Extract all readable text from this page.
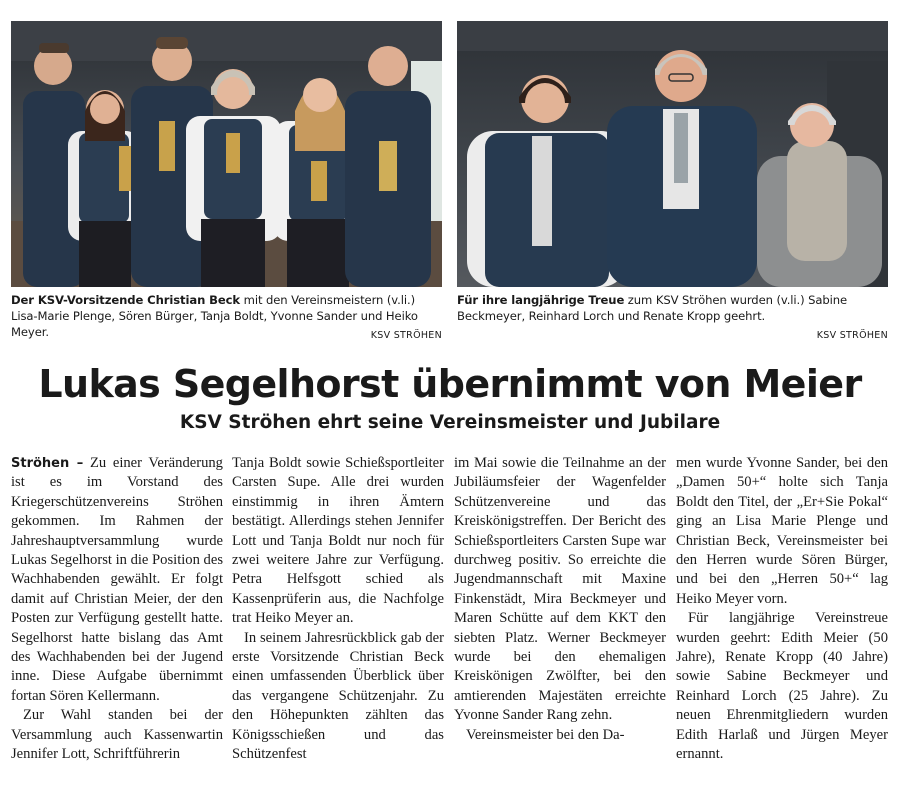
Der KSV-Vorsitzende Christian Beck mit den Vereinsmeistern (v.li.) Lisa-Marie Plenge, Sören Bürger, Tanja Boldt, Yvonne Sander und Heiko Meyer.	KSV STRÖHEN
Für ihre langjährige Treue zum KSV Ströhen wurden (v.li.) Sabine Beckmeyer, Reinhard Lorch und Renate Kropp geehrt.
KSV STRÖHEN
Lukas Segelhorst übernimmt von Meier
KSV Ströhen ehrt seine Vereinsmeister und Jubilare

Ströhen – Zu einer Veränderung ist es im Vorstand des Kriegerschützenvereins Ströhen gekommen. Im Rahmen der Jahreshauptversammlung wurde Lukas Segelhorst in die Position des Wachhabenden gewählt. Er folgt damit auf Christian Meier, der den Posten zur Verfügung gestellt hatte. Segelhorst hatte bislang das Amt des Wachhabenden bei der Jugend inne. Diese Aufgabe übernimmt fortan Sören Kellermann.

Zur Wahl standen bei der Versammlung auch Kassenwartin Jennifer Lott, Schriftführerin

Tanja Boldt sowie Schießsportleiter Carsten Supe. Alle drei wurden einstimmig in ihren Ämtern bestätigt. Allerdings stehen Jennifer Lott und Tanja Boldt nur noch für zwei weitere Jahre zur Verfügung. Petra Helfsgott schied als Kassenprüferin aus, die Nachfolge trat Heiko Meyer an.

In seinem Jahresrückblick gab der erste Vorsitzende Christian Beck einen umfassenden Überblick über das vergangene Schützenjahr. Zu den Höhepunkten zählten das Königsschießen und das Schützenfest

im Mai sowie die Teilnahme an der Jubiläumsfeier der Wagenfelder Schützenvereine und das Kreiskönigstreffen. Der Bericht des Schießsportleiters Carsten Supe war durchweg positiv. So erreichte die Jugendmannschaft mit Maxine Finkenstädt, Mira Beckmeyer und Maren Schütte auf dem KKT den siebten Platz. Werner Beckmeyer wurde bei den ehemaligen Kreiskönigen Zwölfter, bei den amtierenden Majestäten erreichte Yvonne Sander Rang zehn.

Vereinsmeister bei den Da-

men wurde Yvonne Sander, bei den „Damen 50+“ holte sich Tanja Boldt den Titel, der „Er+Sie Pokal“ ging an Lisa Marie Plenge und Christian Beck, Vereinsmeister bei den Herren wurde Sören Bürger, und bei den „Herren 50+“ lag Heiko Meyer vorn.

Für langjährige Vereinstreue wurden geehrt: Edith Meier (50 Jahre), Renate Kropp (40 Jahre) sowie Sabine Beckmeyer und Reinhard Lorch (25 Jahre). Zu neuen Ehrenmitgliedern wurden Edith Harlaß und Jürgen Meyer ernannt.
